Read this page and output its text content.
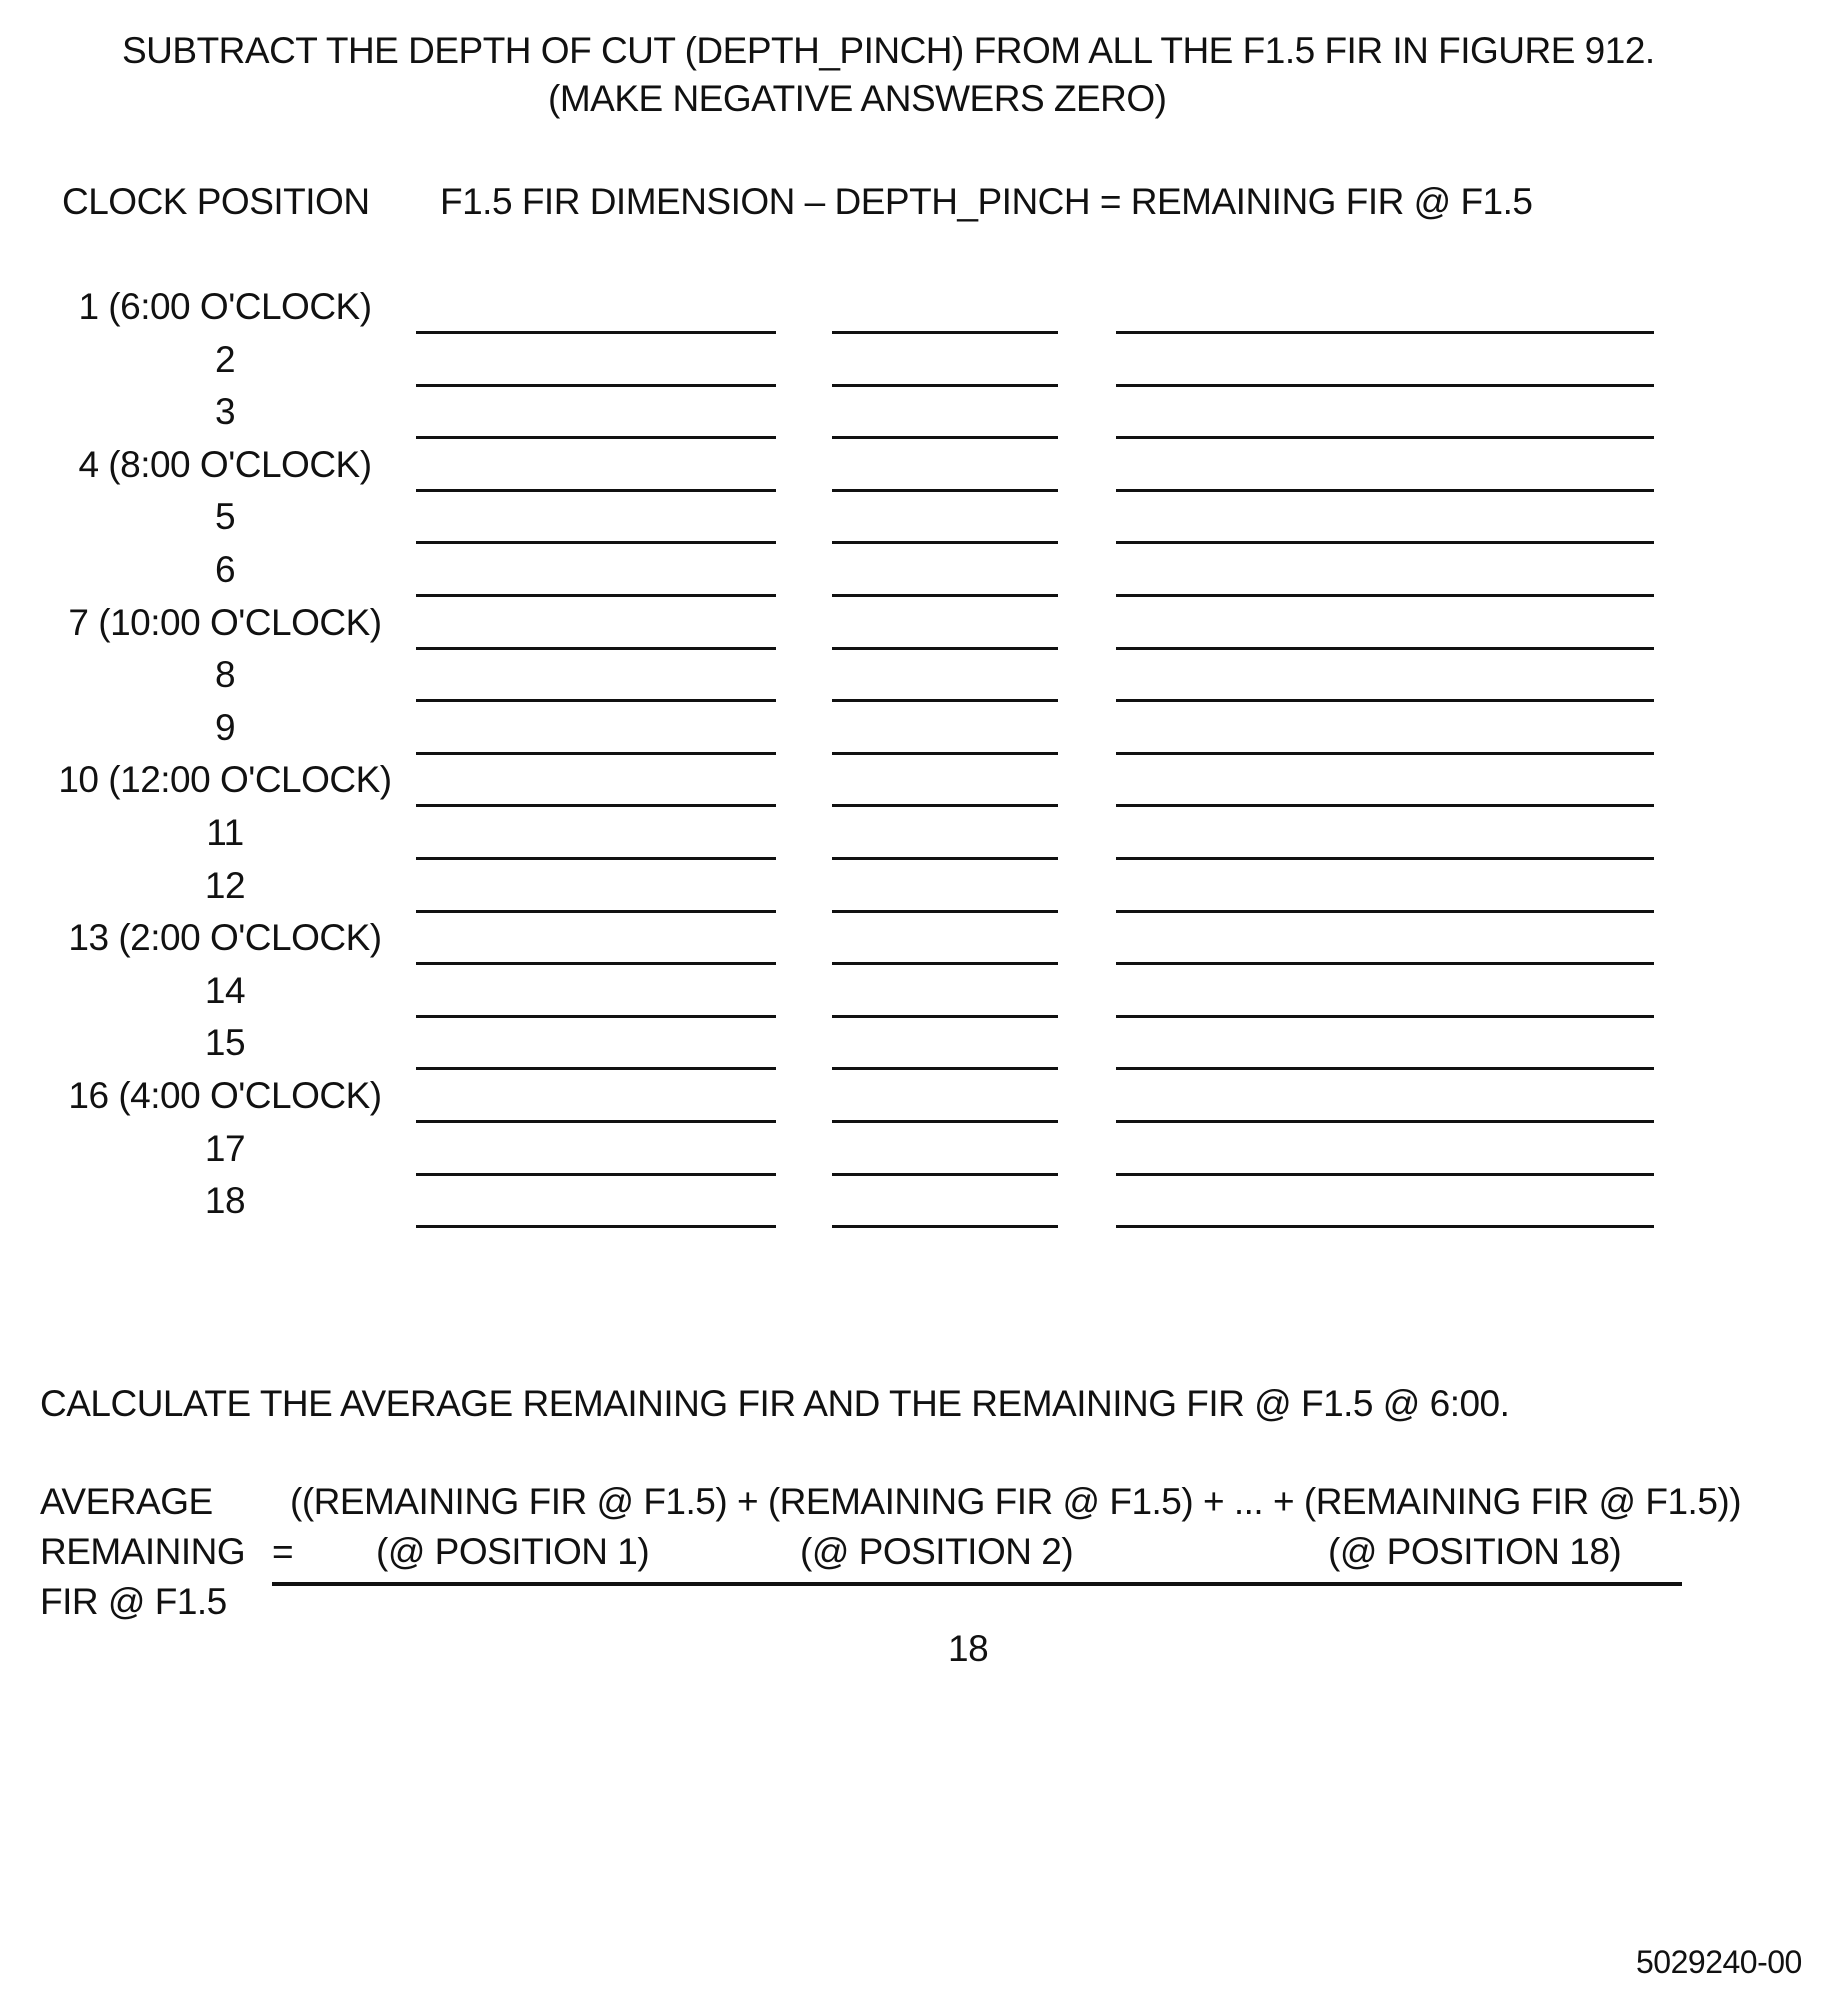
SUBTRACT THE DEPTH OF CUT (DEPTH_PINCH) FROM ALL THE F1.5 FIR IN FIGURE 912.
(MAKE NEGATIVE ANSWERS ZERO)
CLOCK POSITION F1.5 FIR DIMENSION – DEPTH_PINCH = REMAINING FIR @ F1.5
1 (6:00 O'CLOCK)
2
3
4 (8:00 O'CLOCK)
5
6
7 (10:00 O'CLOCK)
8
9
10 (12:00 O'CLOCK)
11
12
13 (2:00 O'CLOCK)
14
15
16 (4:00 O'CLOCK)
17
18
CALCULATE THE AVERAGE REMAINING FIR AND THE REMAINING FIR @ F1.5 @ 6:00.
AVERAGE
REMAINING
FIR @ F1.5
=
((REMAINING FIR @ F1.5) + (REMAINING FIR @ F1.5) + ... + (REMAINING FIR @ F1.5))
(@ POSITION 1)	(@ POSITION 2)	(@ POSITION 18)
18
5029240-00
